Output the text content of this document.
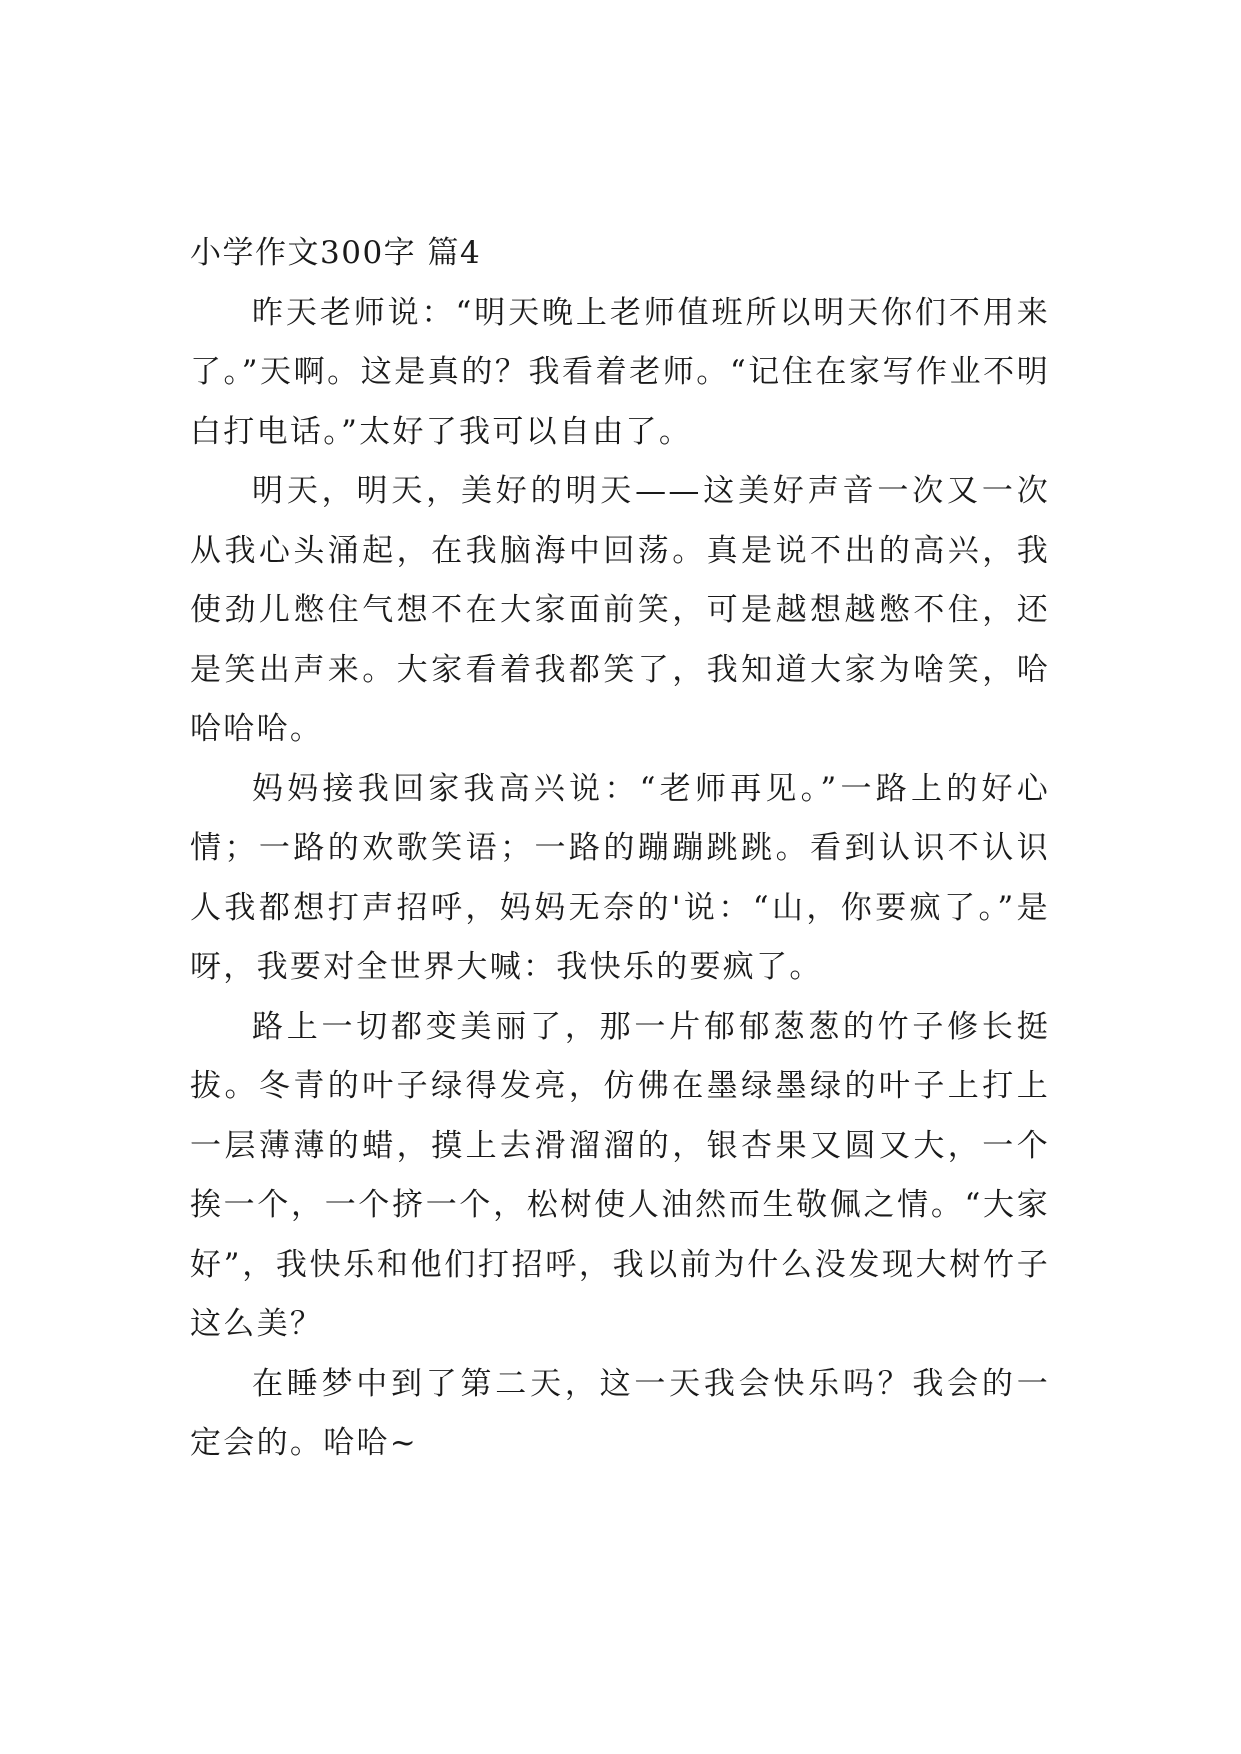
小学作文300字 篇4

昨天老师说：“明天晚上老师值班所以明天你们不用来了。”天啊。这是真的？我看着老师。“记住在家写作业不明白打电话。”太好了我可以自由了。

明天，明天，美好的明天——这美好声音一次又一次从我心头涌起，在我脑海中回荡。真是说不出的高兴，我使劲儿憋住气想不在大家面前笑，可是越想越憋不住，还是笑出声来。大家看着我都笑了，我知道大家为啥笑，哈哈哈哈。

妈妈接我回家我高兴说：“老师再见。”一路上的好心情；一路的欢歌笑语；一路的蹦蹦跳跳。看到认识不认识人我都想打声招呼，妈妈无奈的'说：“山，你要疯了。”是呀，我要对全世界大喊：我快乐的要疯了。

路上一切都变美丽了，那一片郁郁葱葱的竹子修长挺拔。冬青的叶子绿得发亮，仿佛在墨绿墨绿的叶子上打上一层薄薄的蜡，摸上去滑溜溜的，银杏果又圆又大，一个挨一个，一个挤一个，松树使人油然而生敬佩之情。“大家好”，我快乐和他们打招呼，我以前为什么没发现大树竹子这么美？

在睡梦中到了第二天，这一天我会快乐吗？我会的一定会的。哈哈~
